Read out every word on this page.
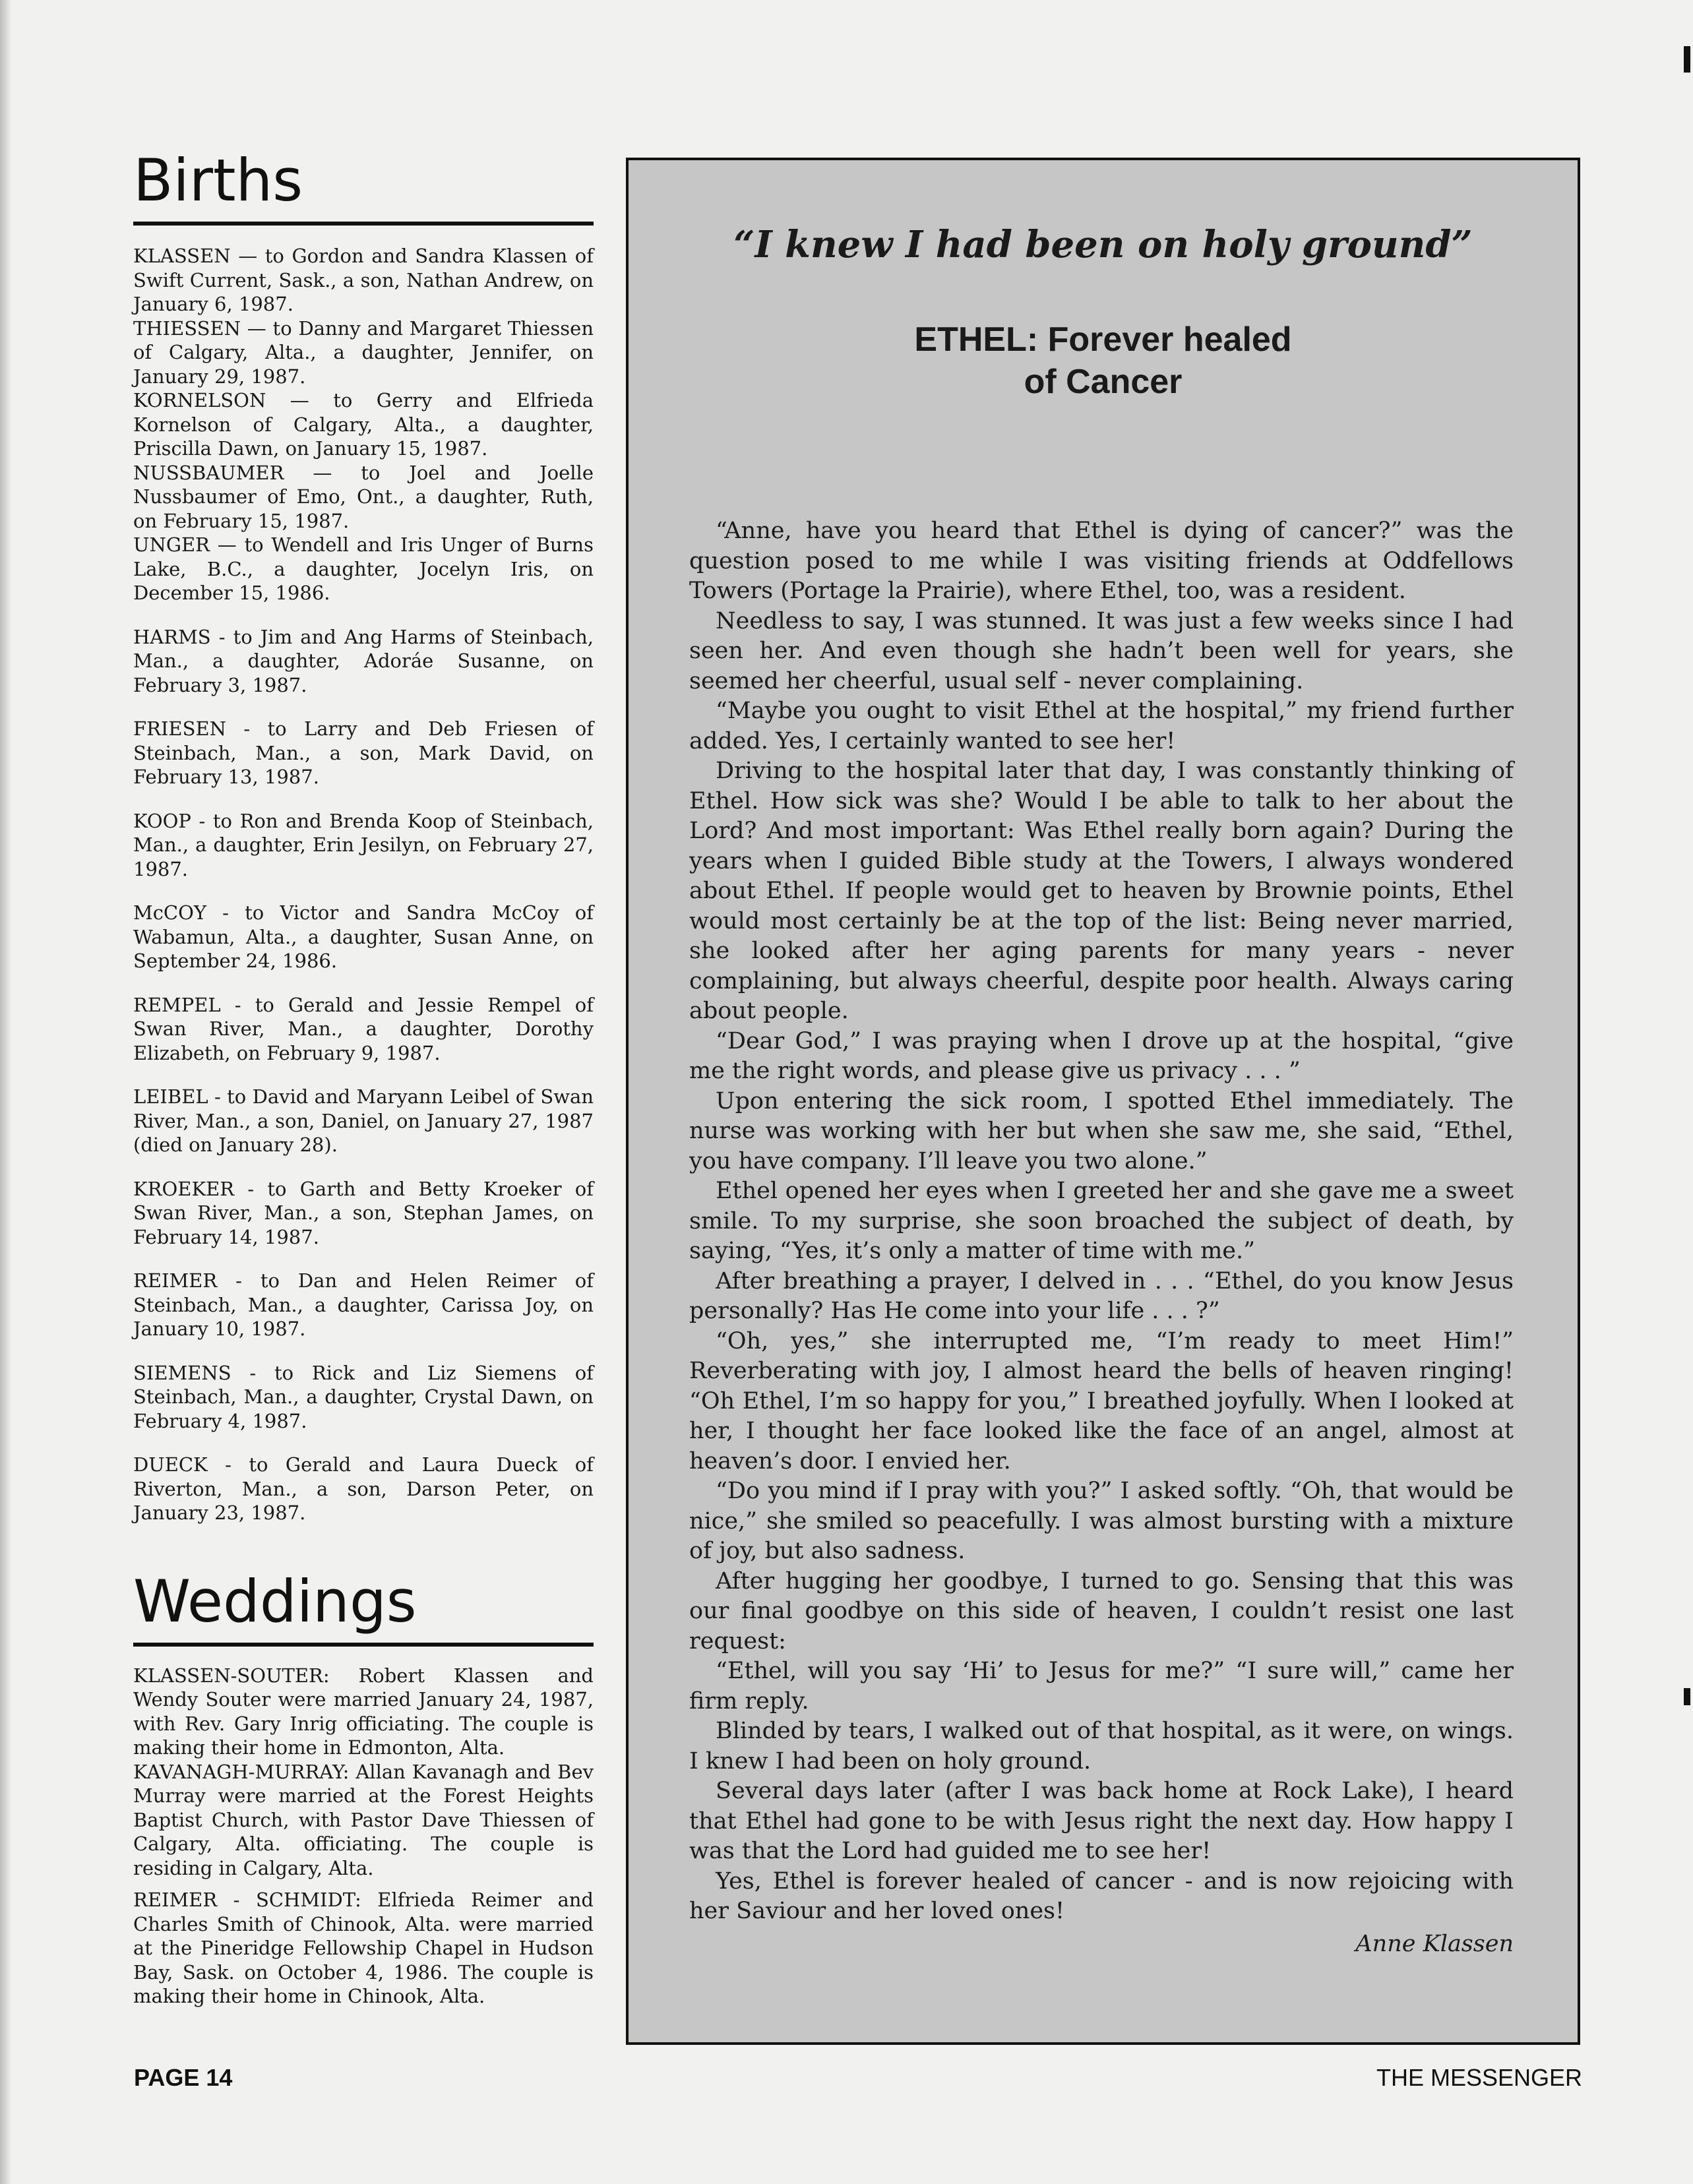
Births

KLASSEN — to Gordon and Sandra Klassen of Swift Current, Sask., a son, Nathan Andrew, on January 6, 1987.

THIESSEN — to Danny and Margaret Thiessen of Calgary, Alta., a daughter, Jennifer, on January 29, 1987.

KORNELSON — to Gerry and Elfrieda Kornelson of Calgary, Alta., a daughter, Priscilla Dawn, on January 15, 1987.

NUSSBAUMER — to Joel and Joelle Nussbaumer of Emo, Ont., a daughter, Ruth, on February 15, 1987.

UNGER — to Wendell and Iris Unger of Burns Lake, B.C., a daughter, Jocelyn Iris, on December 15, 1986.

HARMS - to Jim and Ang Harms of Steinbach, Man., a daughter, Adoráe Susanne, on February 3, 1987.

FRIESEN - to Larry and Deb Friesen of Steinbach, Man., a son, Mark David, on February 13, 1987.

KOOP - to Ron and Brenda Koop of Steinbach, Man., a daughter, Erin Jesilyn, on February 27, 1987.

McCOY - to Victor and Sandra McCoy of Wabamun, Alta., a daughter, Susan Anne, on September 24, 1986.

REMPEL - to Gerald and Jessie Rempel of Swan River, Man., a daughter, Dorothy Elizabeth, on February 9, 1987.

LEIBEL - to David and Maryann Leibel of Swan River, Man., a son, Daniel, on January 27, 1987 (died on January 28).

KROEKER - to Garth and Betty Kroeker of Swan River, Man., a son, Stephan James, on February 14, 1987.

REIMER - to Dan and Helen Reimer of Steinbach, Man., a daughter, Carissa Joy, on January 10, 1987.

SIEMENS - to Rick and Liz Siemens of Steinbach, Man., a daughter, Crystal Dawn, on February 4, 1987.

DUECK - to Gerald and Laura Dueck of Riverton, Man., a son, Darson Peter, on January 23, 1987.

Weddings

KLASSEN-SOUTER: Robert Klassen and Wendy Souter were married January 24, 1987, with Rev. Gary Inrig officiating. The couple is making their home in Edmonton, Alta.

KAVANAGH-MURRAY: Allan Kavanagh and Bev Murray were married at the Forest Heights Baptist Church, with Pastor Dave Thiessen of Calgary, Alta. officiating. The couple is residing in Calgary, Alta.

REIMER - SCHMIDT: Elfrieda Reimer and Charles Smith of Chinook, Alta. were married at the Pineridge Fellowship Chapel in Hudson Bay, Sask. on October 4, 1986. The couple is making their home in Chinook, Alta.

“I knew I had been on holy ground”
ETHEL: Forever healed
of Cancer

“Anne, have you heard that Ethel is dying of cancer?” was the question posed to me while I was visiting friends at Oddfellows Towers (Portage la Prairie), where Ethel, too, was a resident.

Needless to say, I was stunned. It was just a few weeks since I had seen her. And even though she hadn’t been well for years, she seemed her cheerful, usual self - never complaining.

“Maybe you ought to visit Ethel at the hospital,” my friend further added. Yes, I certainly wanted to see her!

Driving to the hospital later that day, I was constantly thinking of Ethel. How sick was she? Would I be able to talk to her about the Lord? And most important: Was Ethel really born again? During the years when I guided Bible study at the Towers, I always wondered about Ethel. If people would get to heaven by Brownie points, Ethel would most certainly be at the top of the list: Being never married, she looked after her aging parents for many years - never complaining, but always cheerful, despite poor health. Always caring about people.

“Dear God,” I was praying when I drove up at the hospital, “give me the right words, and please give us privacy . . . ”

Upon entering the sick room, I spotted Ethel immediately. The nurse was working with her but when she saw me, she said, “Ethel, you have company. I’ll leave you two alone.”

Ethel opened her eyes when I greeted her and she gave me a sweet smile. To my surprise, she soon broached the subject of death, by saying, “Yes, it’s only a matter of time with me.”

After breathing a prayer, I delved in . . . “Ethel, do you know Jesus personally? Has He come into your life . . . ?”

“Oh, yes,” she interrupted me, “I’m ready to meet Him!” Reverberating with joy, I almost heard the bells of heaven ringing! “Oh Ethel, I’m so happy for you,” I breathed joyfully. When I looked at her, I thought her face looked like the face of an angel, almost at heaven’s door. I envied her.

“Do you mind if I pray with you?” I asked softly. “Oh, that would be nice,” she smiled so peacefully. I was almost bursting with a mixture of joy, but also sadness.

After hugging her goodbye, I turned to go. Sensing that this was our final goodbye on this side of heaven, I couldn’t resist one last request:

“Ethel, will you say ‘Hi’ to Jesus for me?” “I sure will,” came her firm reply.

Blinded by tears, I walked out of that hospital, as it were, on wings. I knew I had been on holy ground.

Several days later (after I was back home at Rock Lake), I heard that Ethel had gone to be with Jesus right the next day. How happy I was that the Lord had guided me to see her!

Yes, Ethel is forever healed of cancer - and is now rejoicing with her Saviour and her loved ones!

Anne Klassen

PAGE 14	THE MESSENGER
